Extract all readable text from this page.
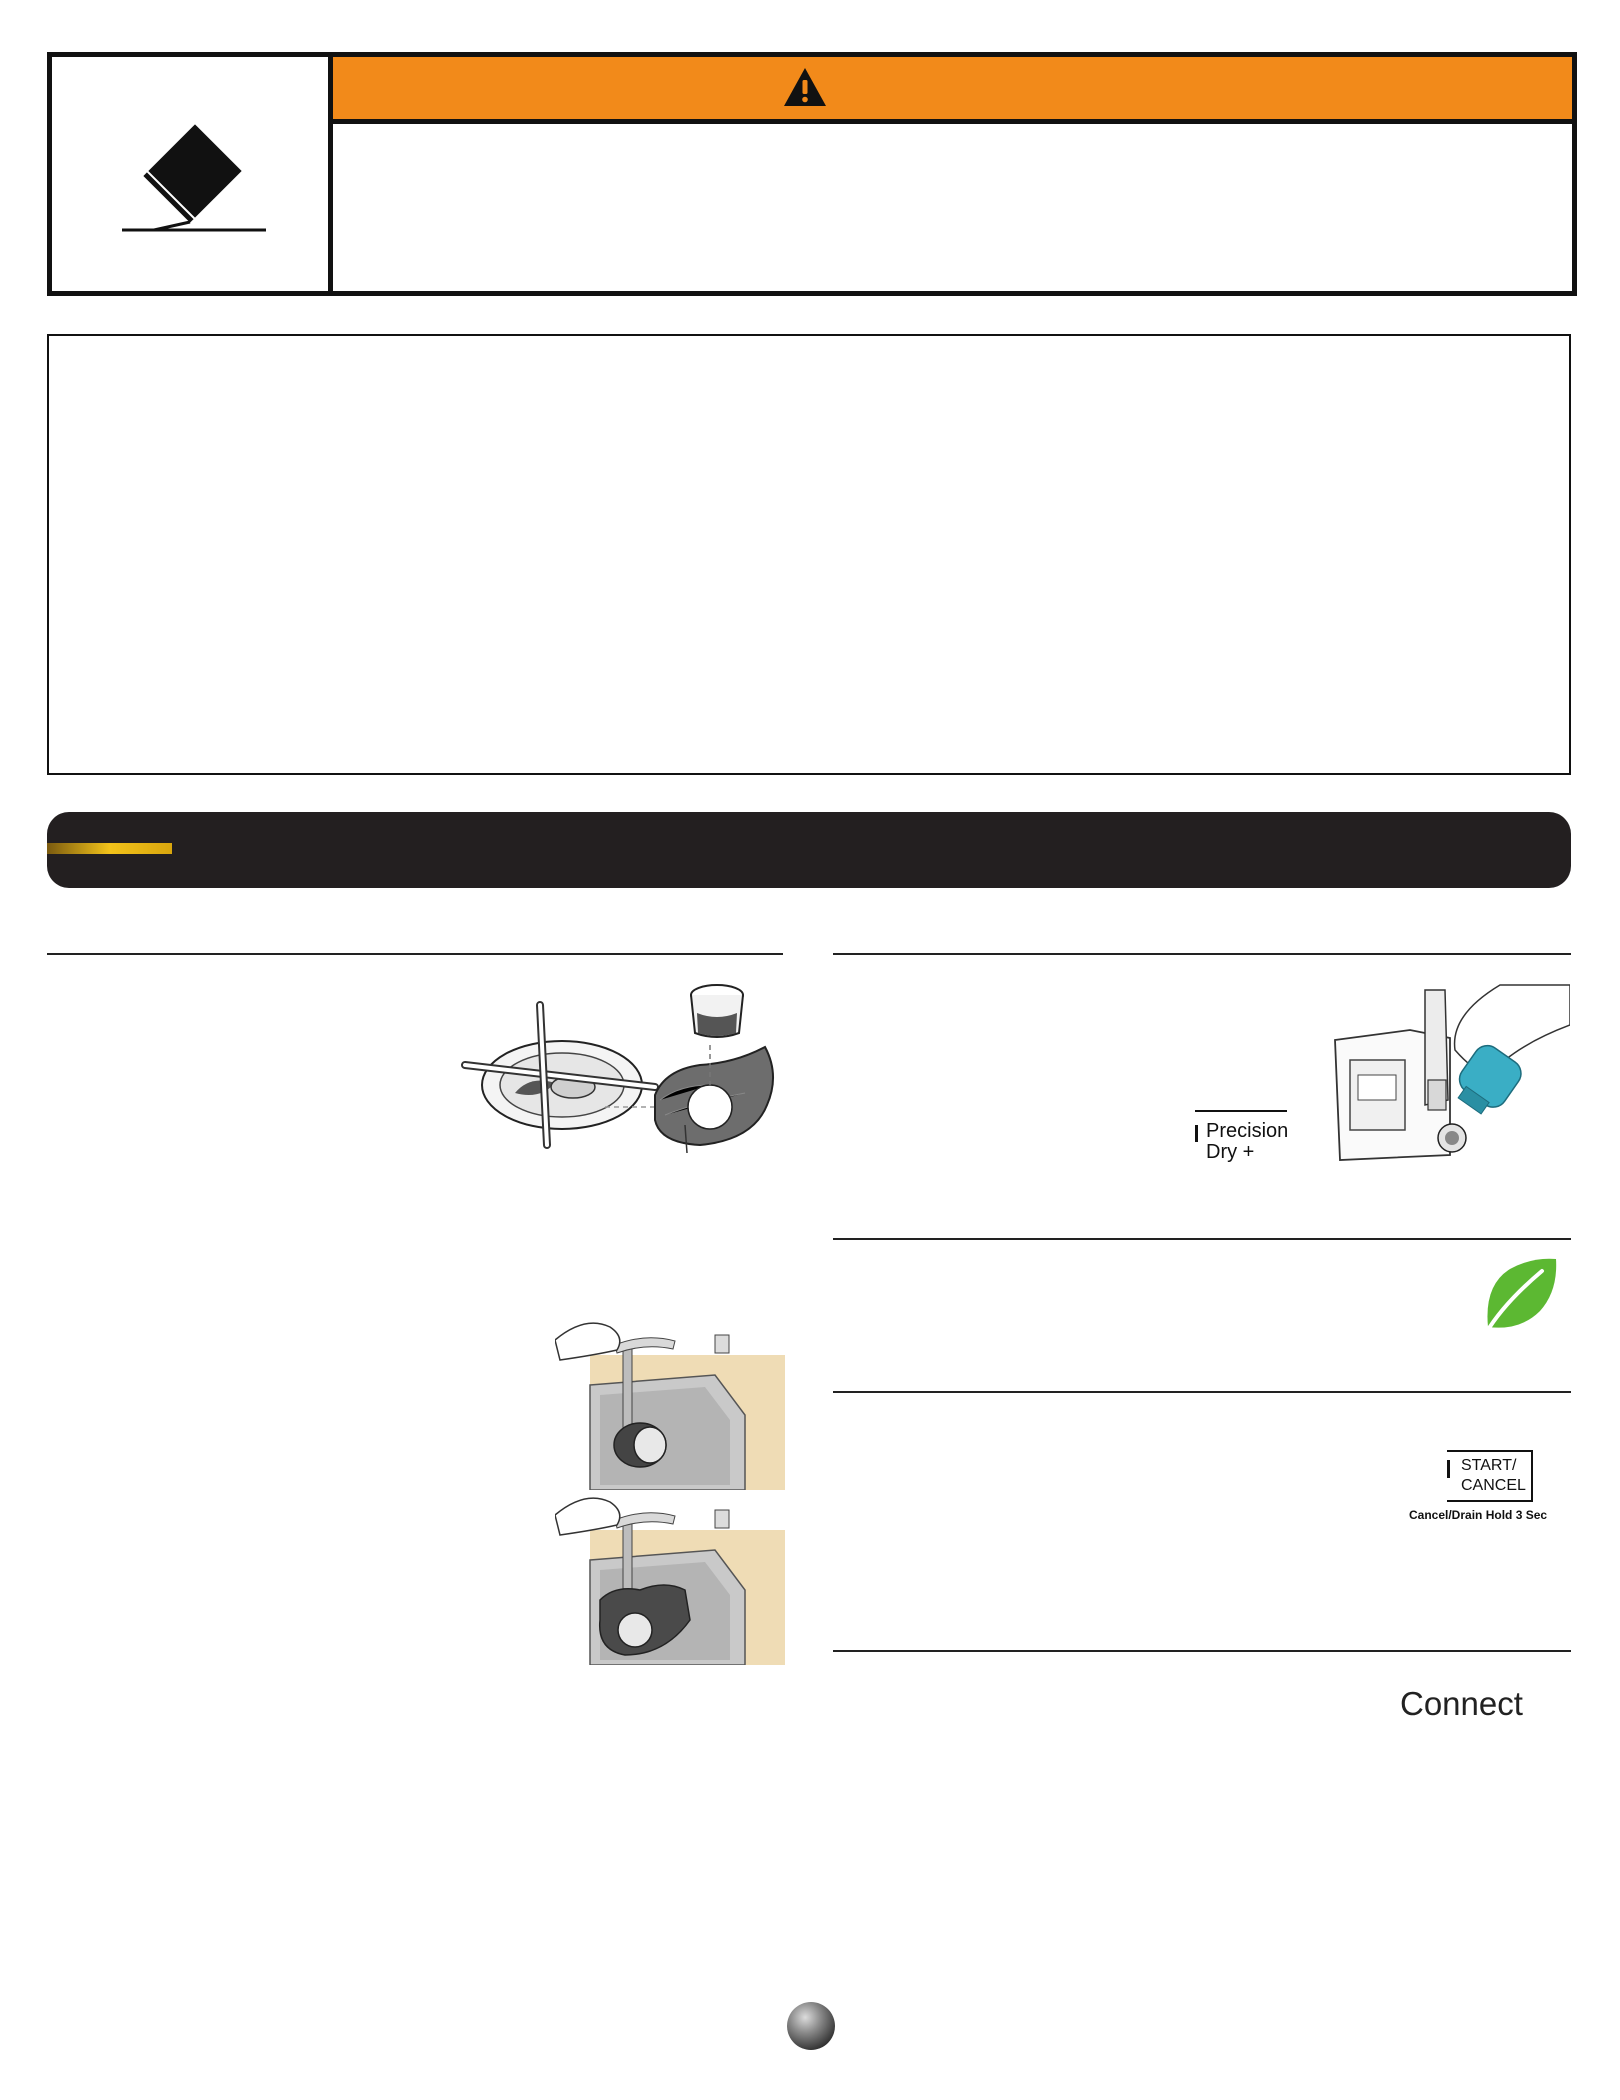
Precision
Dry +
START/
CANCEL
Cancel/Drain Hold 3 Sec
Connect
